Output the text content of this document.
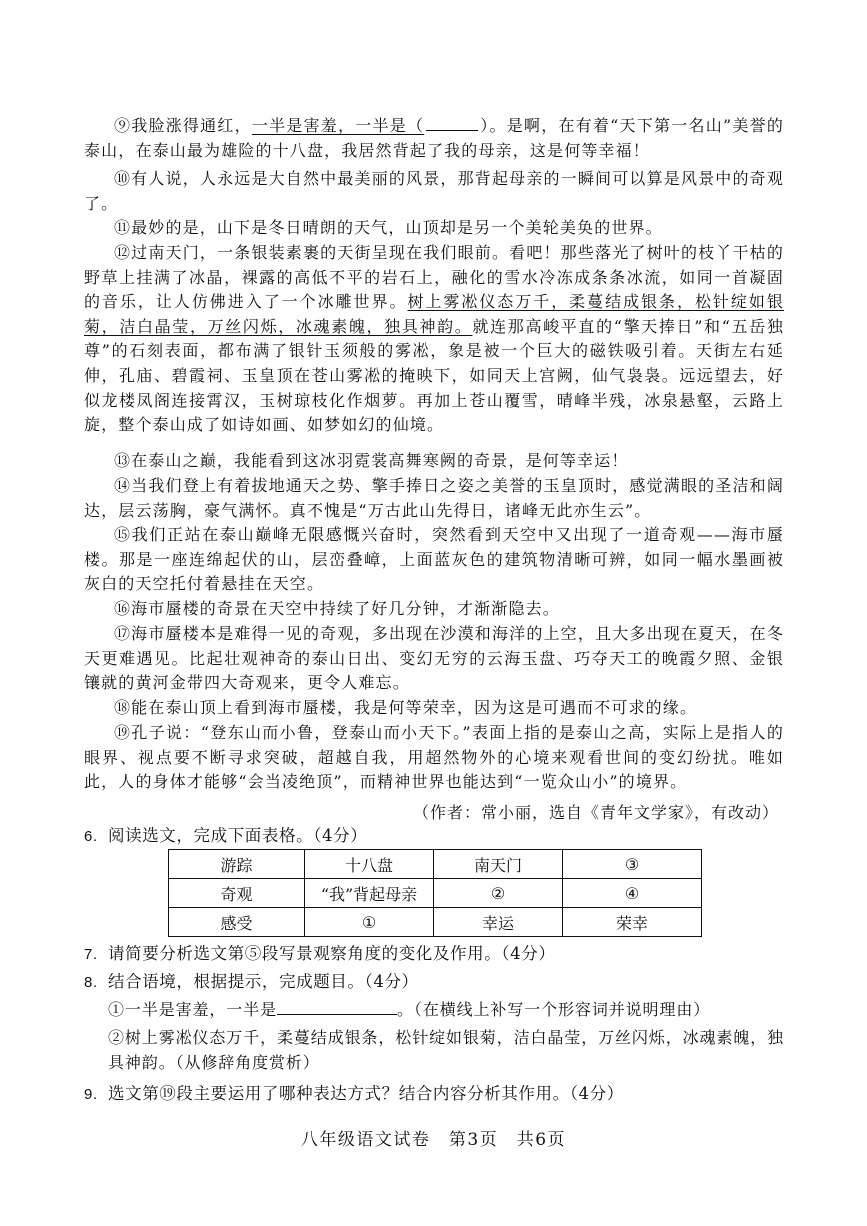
⑨我脸涨得通红，一半是害羞，一半是（	）。是啊，在有着“天下第一名山”美誉的泰山，在泰山最为雄险的十八盘，我居然背起了我的母亲，这是何等幸福！
⑩有人说，人永远是大自然中最美丽的风景，那背起母亲的一瞬间可以算是风景中的奇观了。
⑪最妙的是，山下是冬日晴朗的天气，山顶却是另一个美轮美奂的世界。
⑫过南天门，一条银装素裹的天街呈现在我们眼前。看吧！那些落光了树叶的枝丫干枯的野草上挂满了冰晶，裸露的高低不平的岩石上，融化的雪水冷冻成条条冰流，如同一首凝固的音乐，让人仿佛进入了一个冰雕世界。树上雾凇仪态万千，柔蔓结成银条，松针绽如银菊，洁白晶莹，万丝闪烁，冰魂素魄，独具神韵。就连那高峻平直的“擎天捧日”和“五岳独尊”的石刻表面，都布满了银针玉须般的雾凇，象是被一个巨大的磁铁吸引着。天街左右延伸，孔庙、碧霞祠、玉皇顶在苍山雾凇的掩映下，如同天上宫阙，仙气袅袅。远远望去，好似龙楼凤阁连接霄汉，玉树琼枝化作烟萝。再加上苍山覆雪，晴峰半残，冰泉悬壑，云路上旋，整个泰山成了如诗如画、如梦如幻的仙境。
⑬在泰山之巅，我能看到这冰羽霓裳高舞寒阙的奇景，是何等幸运！
⑭当我们登上有着拔地通天之势、擎手捧日之姿之美誉的玉皇顶时，感觉满眼的圣洁和阔达，层云荡胸，豪气满怀。真不愧是“万古此山先得日，诸峰无此亦生云”。
⑮我们正站在泰山巅峰无限感慨兴奋时，突然看到天空中又出现了一道奇观——海市蜃楼。那是一座连绵起伏的山，层峦叠嶂，上面蓝灰色的建筑物清晰可辨，如同一幅水墨画被灰白的天空托付着悬挂在天空。
⑯海市蜃楼的奇景在天空中持续了好几分钟，才渐渐隐去。
⑰海市蜃楼本是难得一见的奇观，多出现在沙漠和海洋的上空，且大多出现在夏天，在冬天更难遇见。比起壮观神奇的泰山日出、变幻无穷的云海玉盘、巧夺天工的晚霞夕照、金银镶就的黄河金带四大奇观来，更令人难忘。
⑱能在泰山顶上看到海市蜃楼，我是何等荣幸，因为这是可遇而不可求的缘。
⑲孔子说：“登东山而小鲁，登泰山而小天下。”表面上指的是泰山之高，实际上是指人的眼界、视点要不断寻求突破，超越自我，用超然物外的心境来观看世间的变幻纷扰。唯如此，人的身体才能够“会当凌绝顶”，而精神世界也能达到“一览众山小”的境界。
（作者：常小丽，选自《青年文学家》，有改动）
6. 阅读选文，完成下面表格。（4分）
游踪	十八盘	南天门	③
奇观	“我”背起母亲	②	④
感受	①	幸运	荣幸
7. 请简要分析选文第⑤段写景观察角度的变化及作用。（4分）
8. 结合语境，根据提示，完成题目。（4分）
①一半是害羞，一半是	。（在横线上补写一个形容词并说明理由）
②树上雾凇仪态万千，柔蔓结成银条，松针绽如银菊，洁白晶莹，万丝闪烁，冰魂素魄，独具神韵。（从修辞角度赏析）
9. 选文第⑲段主要运用了哪种表达方式？结合内容分析其作用。（4分）
八年级语文试卷　第3页　共6页
